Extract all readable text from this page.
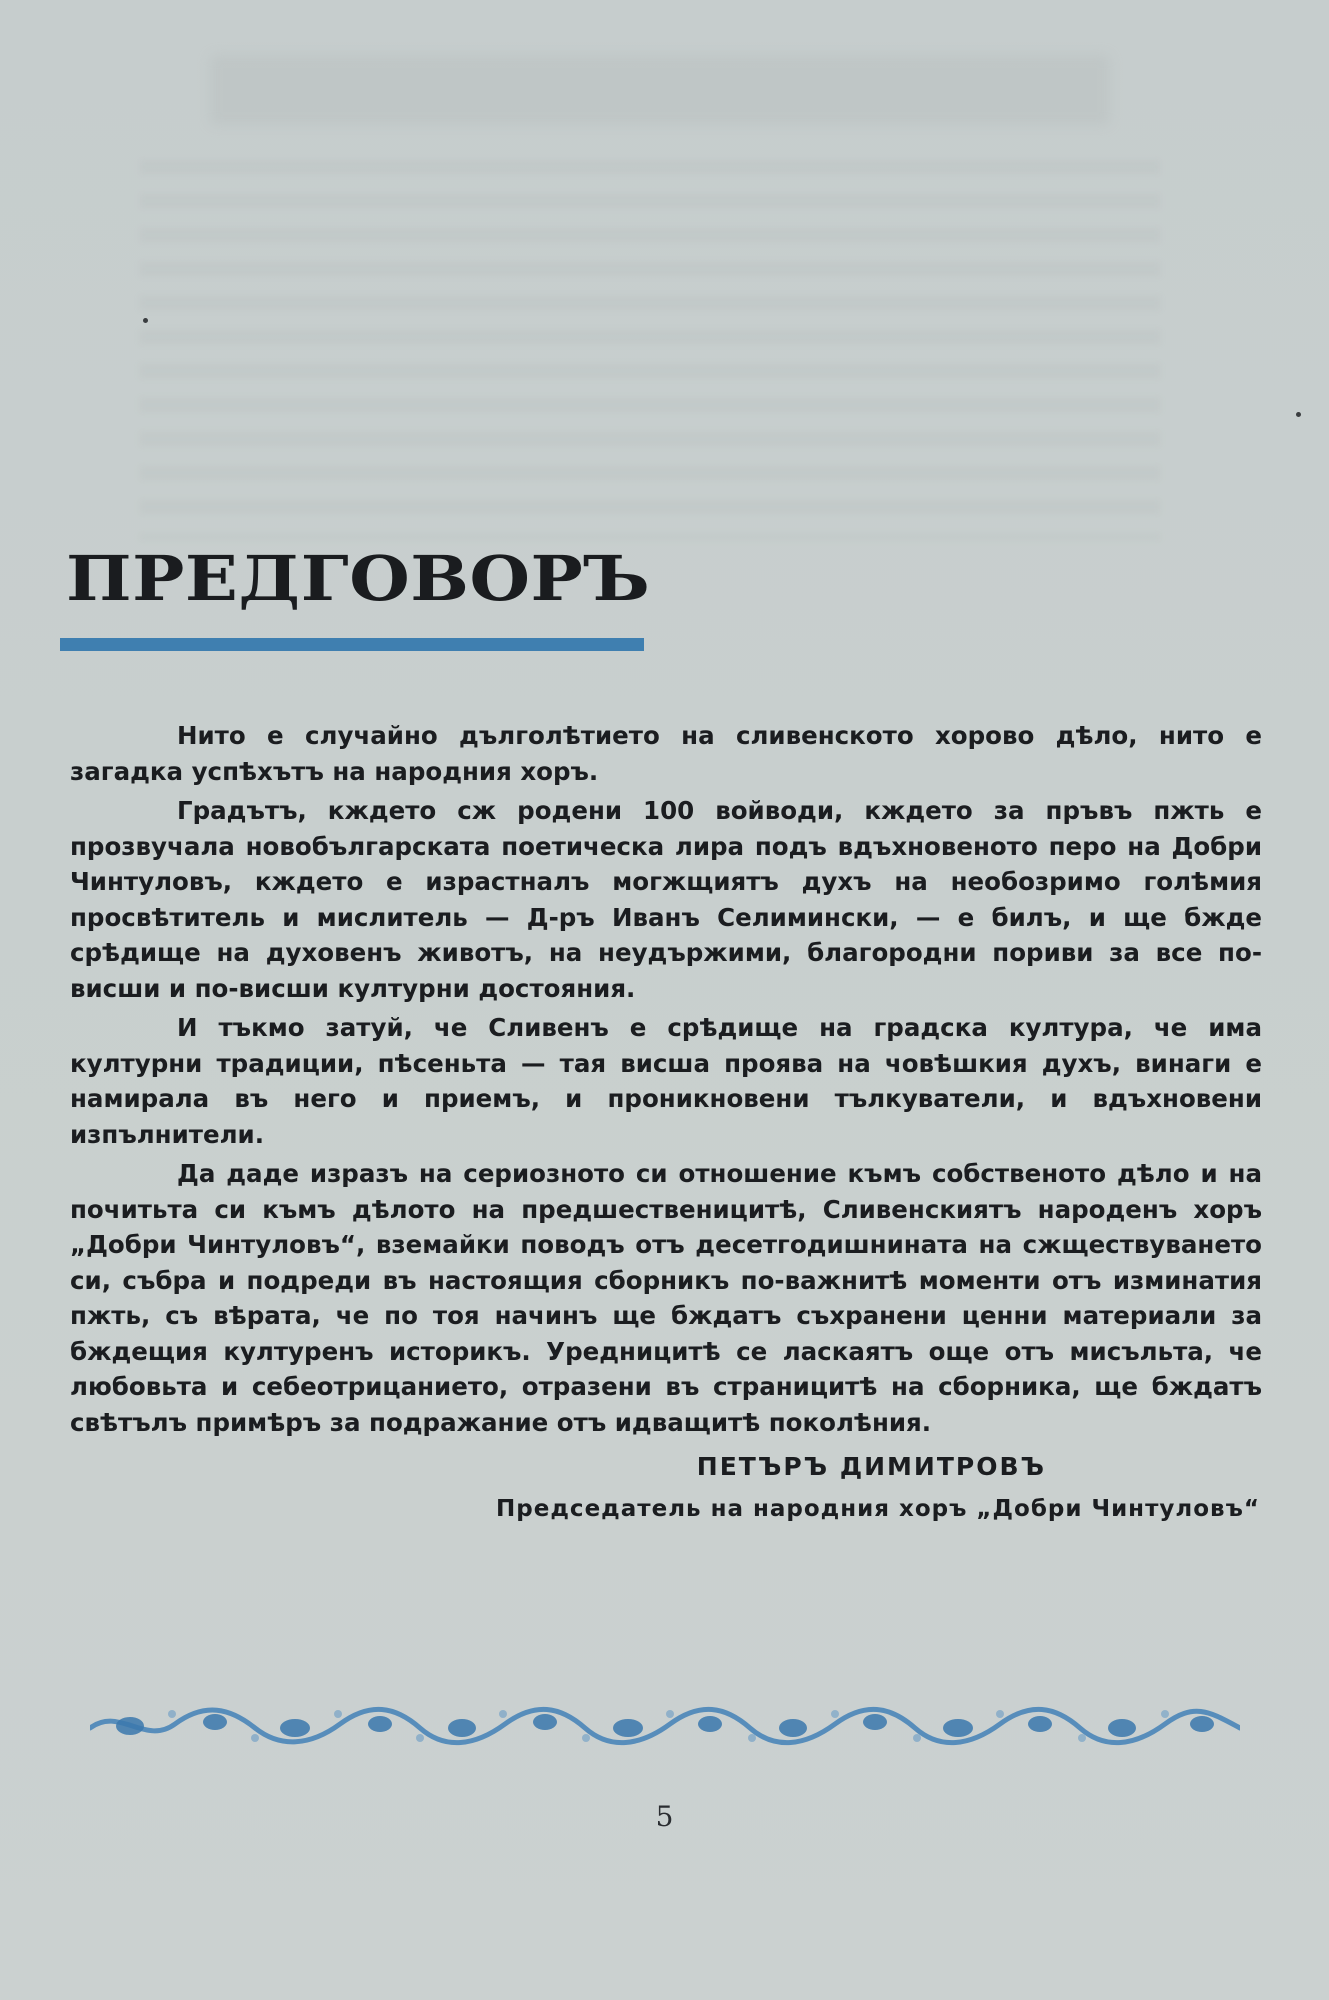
ПРЕДГОВОРЪ

Нито е случайно дълголѣтието на сливенското хорово дѣло, нито е загадка успѣхътъ на народния хоръ.

Градътъ, кждето сж родени 100 войводи, кждето за пръвъ пжть е прозвучала новобългарската поетическа лира подъ вдъхновеното перо на Добри Чинтуловъ, кждето е израстналъ могжщиятъ духъ на необозримо голѣмия просвѣтитель и мислитель — Д-ръ Иванъ Селимински, — е билъ, и ще бжде срѣдище на духовенъ животъ, на неудържими, благородни пориви за все по-висши и по-висши културни достояния.

И тъкмо затуй, че Сливенъ е срѣдище на градска култура, че има културни традиции, пѣсеньта — тая висша проява на човѣшкия духъ, винаги е намирала въ него и приемъ, и проникновени тълкуватели, и вдъхновени изпълнители.

Да даде изразъ на сериозното си отношение къмъ собственото дѣло и на почитьта си къмъ дѣлото на предшественицитѣ, Сливенскиятъ народенъ хоръ „Добри Чинтуловъ“, вземайки поводъ отъ десетгодишнината на сжществуването си, събра и подреди въ настоящия сборникъ по-важнитѣ моменти отъ изминатия пжть, съ вѣрата, че по тоя начинъ ще бждатъ съхранени ценни материали за бждещия културенъ историкъ. Уредницитѣ се ласкаятъ още отъ мисъльта, че любовьта и себеотрицанието, отразени въ страницитѣ на сборника, ще бждатъ свѣтълъ примѣръ за подражание отъ идващитѣ поколѣния.

ПЕТЪРЪ ДИМИТРОВЪ
Председатель на народния хоръ „Добри Чинтуловъ“
5
